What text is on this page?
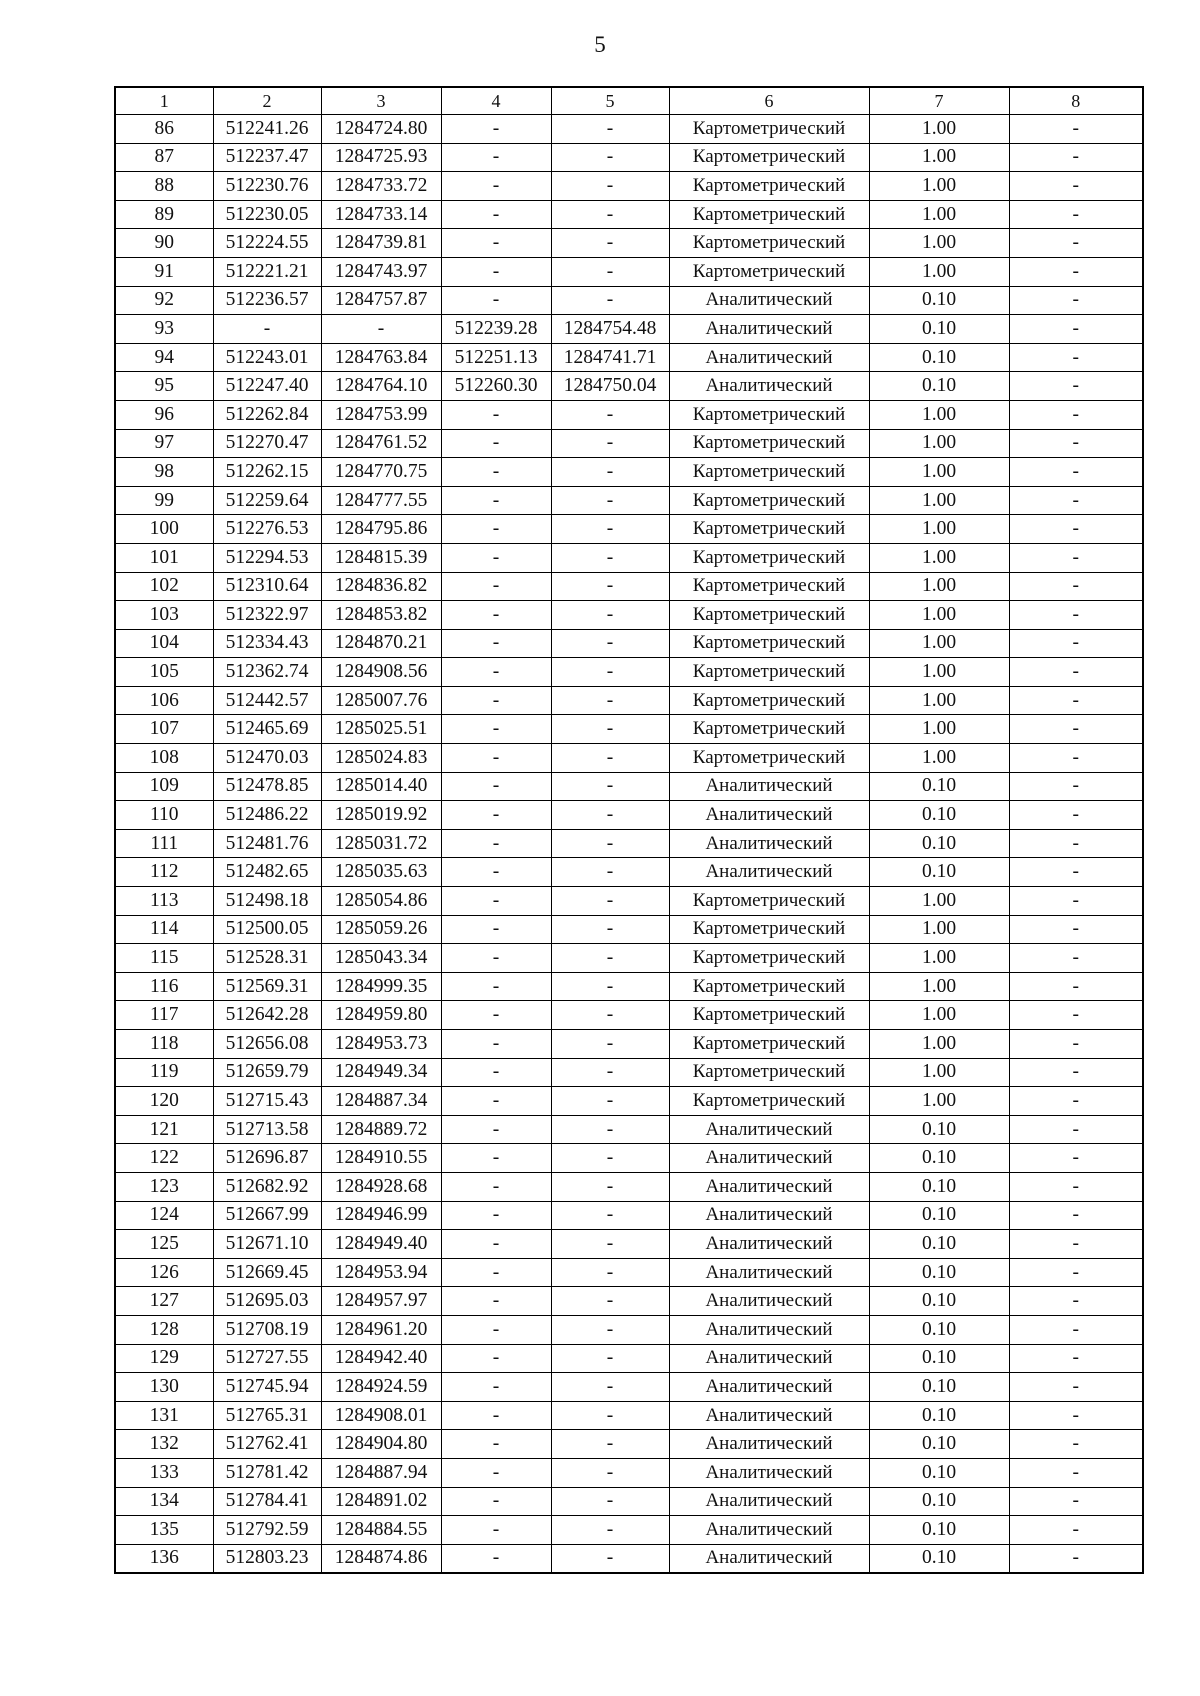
5
1	2	3	4	5	6	7	8
86	512241.26	1284724.80	-	-	Картометрический	1.00	-
87	512237.47	1284725.93	-	-	Картометрический	1.00	-
88	512230.76	1284733.72	-	-	Картометрический	1.00	-
89	512230.05	1284733.14	-	-	Картометрический	1.00	-
90	512224.55	1284739.81	-	-	Картометрический	1.00	-
91	512221.21	1284743.97	-	-	Картометрический	1.00	-
92	512236.57	1284757.87	-	-	Аналитический	0.10	-
93	-	-	512239.28	1284754.48	Аналитический	0.10	-
94	512243.01	1284763.84	512251.13	1284741.71	Аналитический	0.10	-
95	512247.40	1284764.10	512260.30	1284750.04	Аналитический	0.10	-
96	512262.84	1284753.99	-	-	Картометрический	1.00	-
97	512270.47	1284761.52	-	-	Картометрический	1.00	-
98	512262.15	1284770.75	-	-	Картометрический	1.00	-
99	512259.64	1284777.55	-	-	Картометрический	1.00	-
100	512276.53	1284795.86	-	-	Картометрический	1.00	-
101	512294.53	1284815.39	-	-	Картометрический	1.00	-
102	512310.64	1284836.82	-	-	Картометрический	1.00	-
103	512322.97	1284853.82	-	-	Картометрический	1.00	-
104	512334.43	1284870.21	-	-	Картометрический	1.00	-
105	512362.74	1284908.56	-	-	Картометрический	1.00	-
106	512442.57	1285007.76	-	-	Картометрический	1.00	-
107	512465.69	1285025.51	-	-	Картометрический	1.00	-
108	512470.03	1285024.83	-	-	Картометрический	1.00	-
109	512478.85	1285014.40	-	-	Аналитический	0.10	-
110	512486.22	1285019.92	-	-	Аналитический	0.10	-
111	512481.76	1285031.72	-	-	Аналитический	0.10	-
112	512482.65	1285035.63	-	-	Аналитический	0.10	-
113	512498.18	1285054.86	-	-	Картометрический	1.00	-
114	512500.05	1285059.26	-	-	Картометрический	1.00	-
115	512528.31	1285043.34	-	-	Картометрический	1.00	-
116	512569.31	1284999.35	-	-	Картометрический	1.00	-
117	512642.28	1284959.80	-	-	Картометрический	1.00	-
118	512656.08	1284953.73	-	-	Картометрический	1.00	-
119	512659.79	1284949.34	-	-	Картометрический	1.00	-
120	512715.43	1284887.34	-	-	Картометрический	1.00	-
121	512713.58	1284889.72	-	-	Аналитический	0.10	-
122	512696.87	1284910.55	-	-	Аналитический	0.10	-
123	512682.92	1284928.68	-	-	Аналитический	0.10	-
124	512667.99	1284946.99	-	-	Аналитический	0.10	-
125	512671.10	1284949.40	-	-	Аналитический	0.10	-
126	512669.45	1284953.94	-	-	Аналитический	0.10	-
127	512695.03	1284957.97	-	-	Аналитический	0.10	-
128	512708.19	1284961.20	-	-	Аналитический	0.10	-
129	512727.55	1284942.40	-	-	Аналитический	0.10	-
130	512745.94	1284924.59	-	-	Аналитический	0.10	-
131	512765.31	1284908.01	-	-	Аналитический	0.10	-
132	512762.41	1284904.80	-	-	Аналитический	0.10	-
133	512781.42	1284887.94	-	-	Аналитический	0.10	-
134	512784.41	1284891.02	-	-	Аналитический	0.10	-
135	512792.59	1284884.55	-	-	Аналитический	0.10	-
136	512803.23	1284874.86	-	-	Аналитический	0.10	-
